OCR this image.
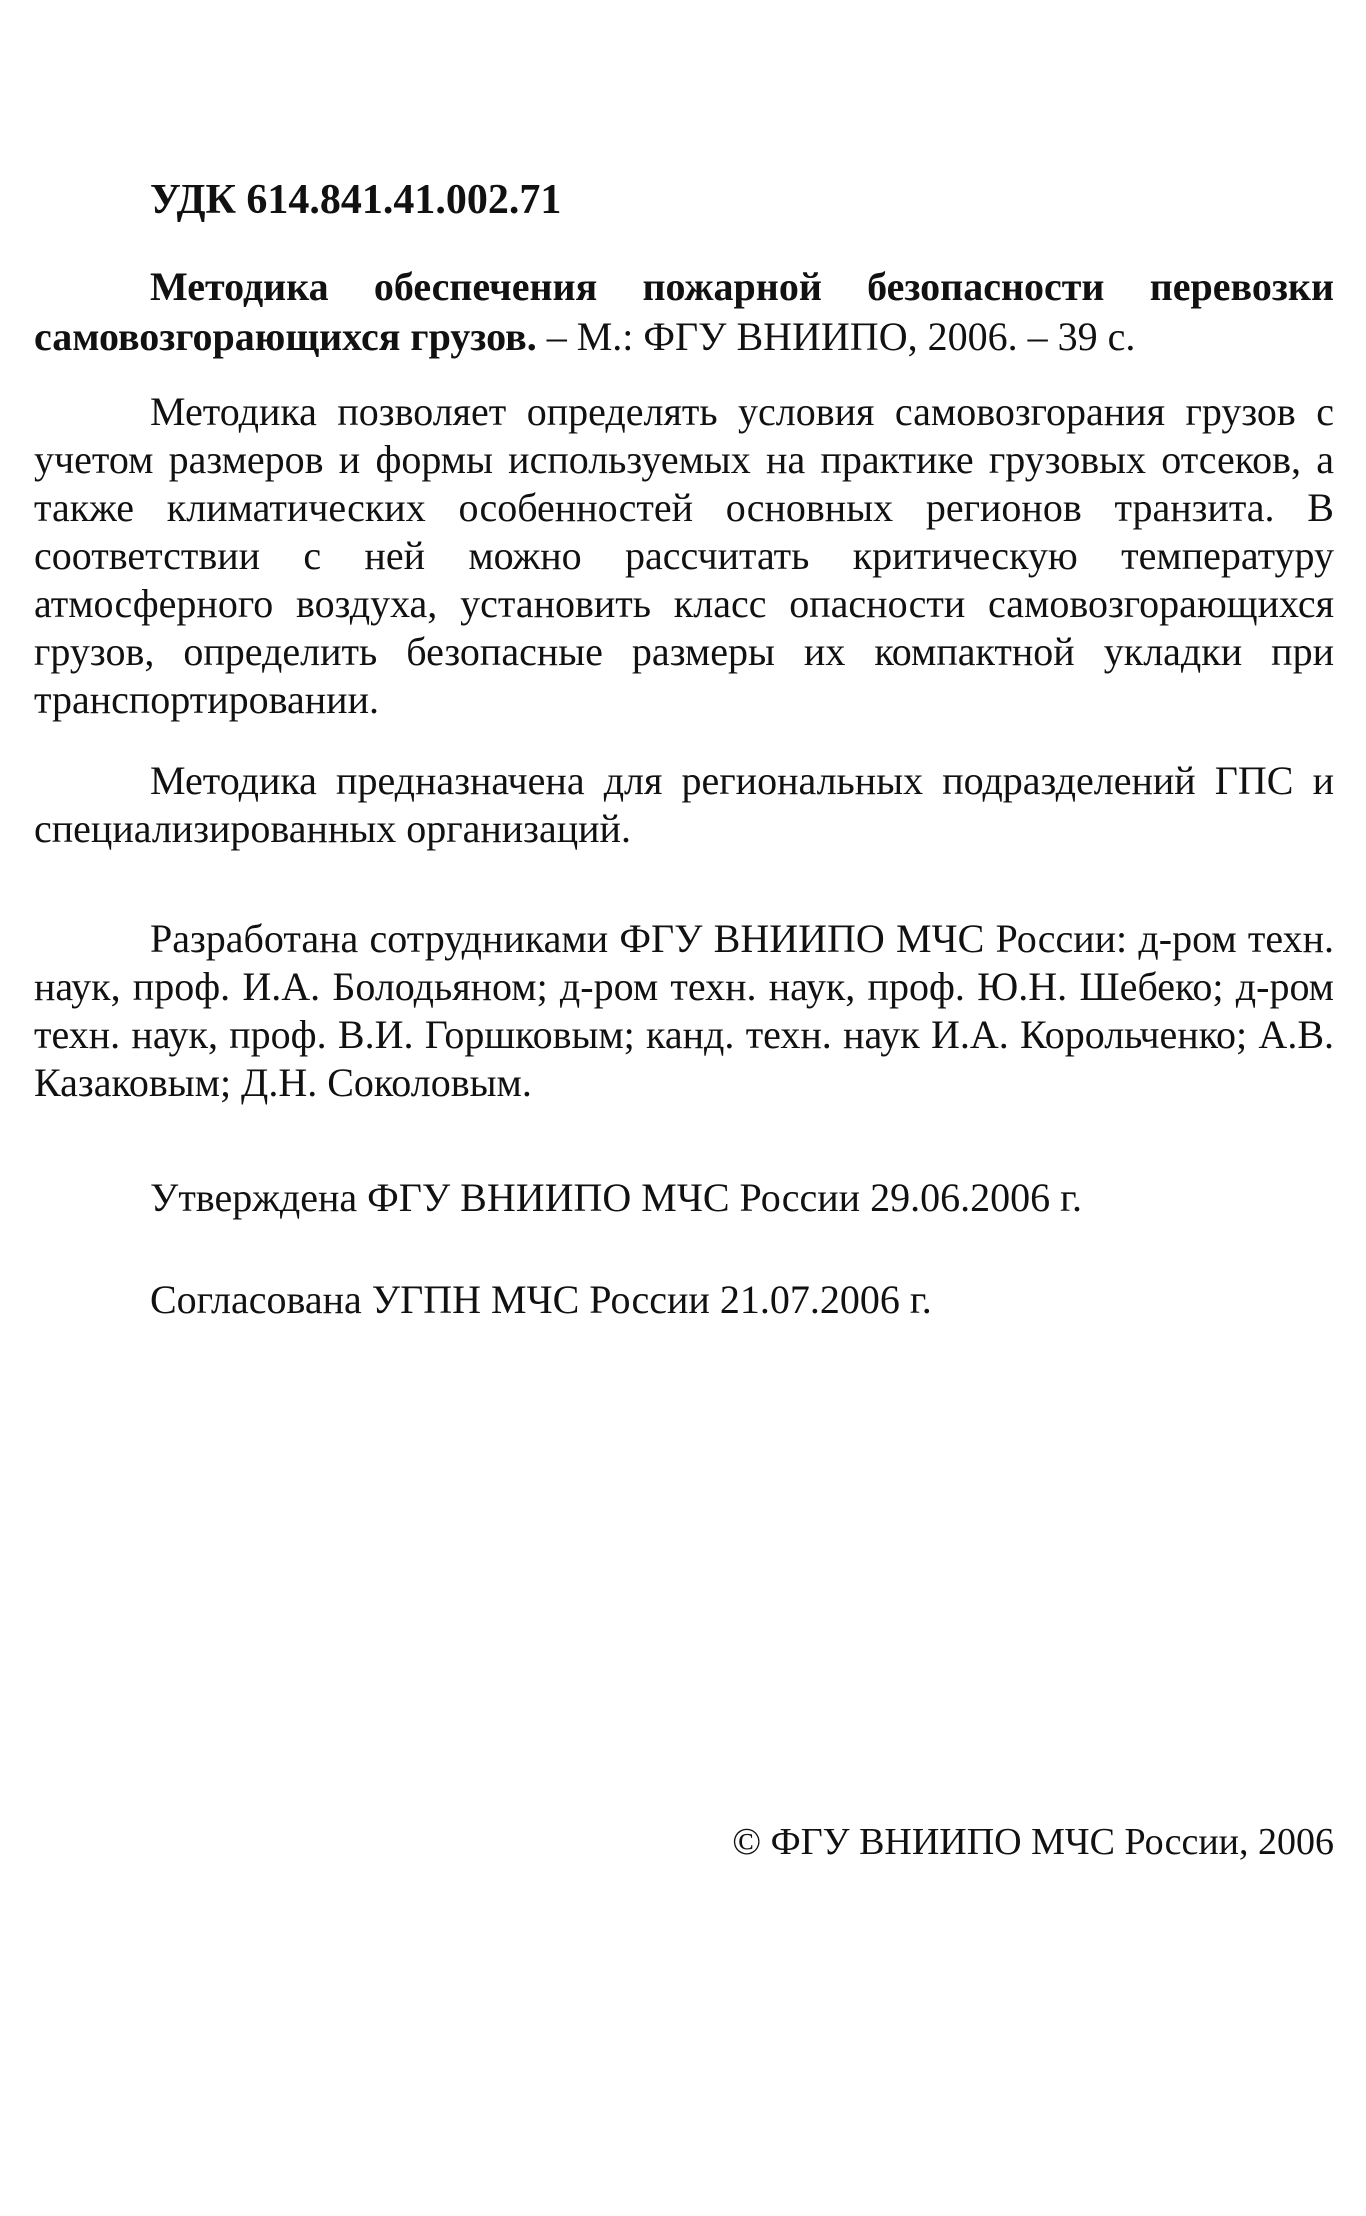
УДК 614.841.41.002.71

Методика обеспечения пожарной безопасности перевозки самовозгорающихся грузов. – М.: ФГУ ВНИИПО, 2006. – 39 с.

Методика позволяет определять условия самовозгорания грузов с учетом размеров и формы используемых на практике грузовых отсеков, а также климатических особенностей основных регионов транзита. В соответствии с ней можно рассчитать критическую температуру атмосферного воздуха, установить класс опасности самовозгорающихся грузов, определить безопасные размеры их компактной укладки при транспортировании.

Методика предназначена для региональных подразделений ГПС и специализированных организаций.

Разработана сотрудниками ФГУ ВНИИПО МЧС России: д-ром техн. наук, проф. И.А. Болодьяном; д-ром техн. наук, проф. Ю.Н. Шебеко; д-ром техн. наук, проф. В.И. Горшковым; канд. техн. наук И.А. Корольченко; А.В. Казаковым; Д.Н. Соколовым.

Утверждена ФГУ ВНИИПО МЧС России 29.06.2006 г.

Согласована УГПН МЧС России 21.07.2006 г.

© ФГУ ВНИИПО МЧС России, 2006
